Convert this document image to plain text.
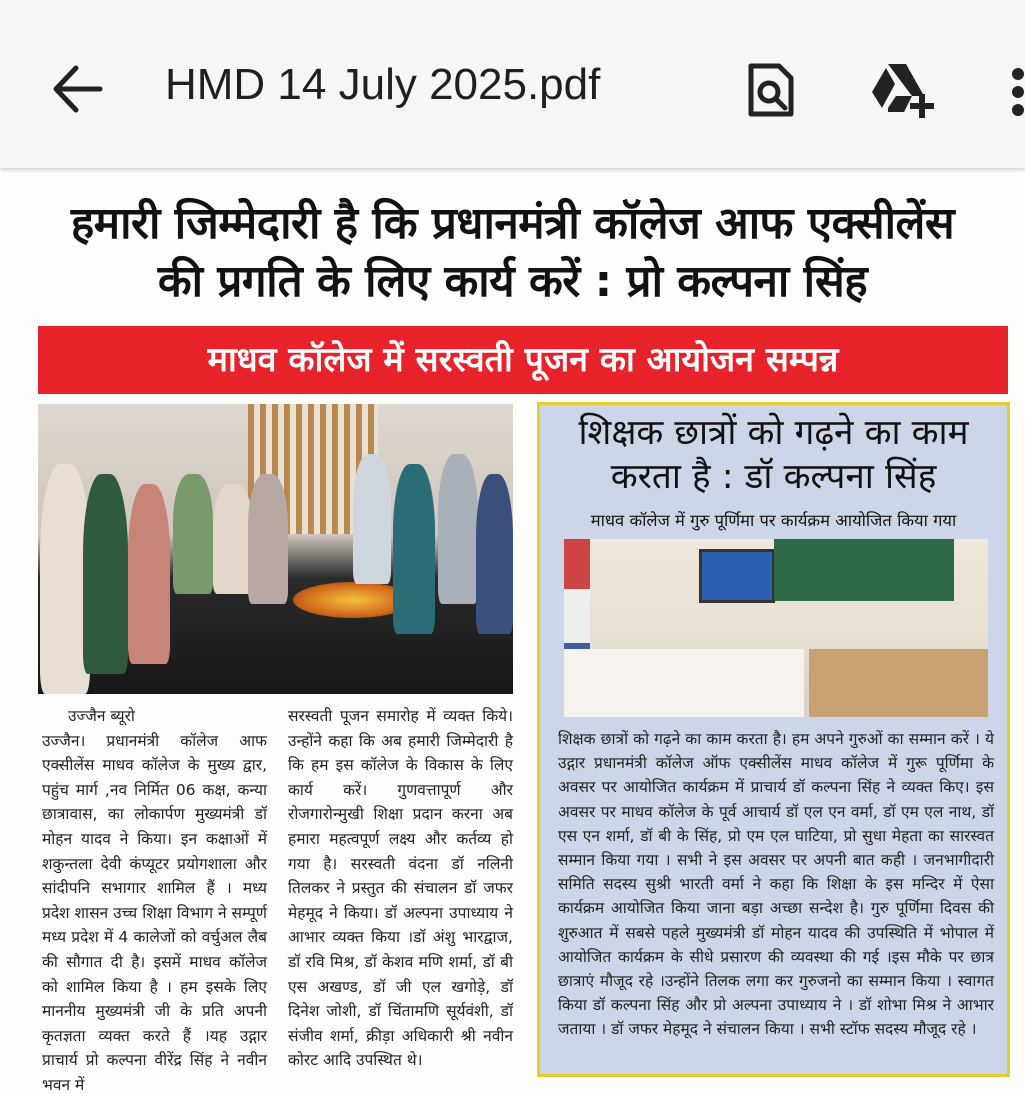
HMD 14 July 2025.pdf
हमारी जिम्मेदारी है कि प्रधानमंत्री कॉलेज आफ एक्सीलेंस
की प्रगति के लिए कार्य करें : प्रो कल्पना सिंह
माधव कॉलेज में सरस्वती पूजन का आयोजन सम्पन्न
उज्जैन ब्यूरो
उज्जैन। प्रधानमंत्री कॉलेज आफ एक्सीलेंस माधव कॉलेज के मुख्य द्वार, पहुंच मार्ग ,नव निर्मित 06 कक्ष, कन्या छात्रावास, का लोकार्पण मुख्यमंत्री डॉ मोहन यादव ने किया। इन कक्षाओं में शकुन्तला देवी कंप्यूटर प्रयोगशाला और सांदीपनि सभागार शामिल हैं । मध्य प्रदेश शासन उच्च शिक्षा विभाग ने सम्पूर्ण मध्य प्रदेश में 4 कालेजों को वर्चुअल लैब की सौगात दी है। इसमें माधव कॉलेज को शामिल किया है । हम इसके लिए माननीय मुख्यमंत्री जी के प्रति अपनी कृतज्ञता व्यक्त करते हैं ।यह उद्गार प्राचार्य प्रो कल्पना वीरेंद्र सिंह ने नवीन भवन में
सरस्वती पूजन समारोह में व्यक्त किये। उन्होंने कहा कि अब हमारी जिम्मेदारी है कि हम इस कॉलेज के विकास के लिए कार्य करें। गुणवत्तापूर्ण और रोजगारोन्मुखी शिक्षा प्रदान करना अब हमारा महत्वपूर्ण लक्ष्य और कर्तव्य हो गया है। सरस्वती वंदना डॉ नलिनी तिलकर ने प्रस्तुत की संचालन डॉ जफर मेहमूद ने किया। डॉ अल्पना उपाध्याय ने आभार व्यक्त किया ।डॉ अंशु भारद्वाज, डॉ रवि मिश्र, डॉ केशव मणि शर्मा, डॉ बी एस अखण्ड, डॉ जी एल खगोड़े, डॉ दिनेश जोशी, डॉ चिंतामणि सूर्यवंशी, डॉ संजीव शर्मा, क्रीड़ा अधिकारी श्री नवीन कोरट आदि उपस्थित थे।
शिक्षक छात्रों को गढ़ने का काम
करता है : डॉ कल्पना सिंह
माधव कॉलेज में गुरु पूर्णिमा पर कार्यक्रम आयोजित किया गया
शिक्षक छात्रों को गढ़ने का काम करता है। हम अपने गुरुओं का सम्मान करें । ये उद्गार प्रधानमंत्री कॉलेज ऑफ एक्सीलेंस माधव कॉलेज में गुरू पूर्णिमा के अवसर पर आयोजित कार्यक्रम में प्राचार्य डॉ कल्पना सिंह ने व्यक्त किए। इस अवसर पर माधव कॉलेज के पूर्व आचार्य डॉ एल एन वर्मा, डॉ एम एल नाथ, डॉ एस एन शर्मा, डॉ बी के सिंह, प्रो एम एल घाटिया, प्रो सुधा मेहता का सारस्वत सम्मान किया गया । सभी ने इस अवसर पर अपनी बात कही । जनभागीदारी समिति सदस्य सुश्री भारती वर्मा ने कहा कि शिक्षा के इस मन्दिर में ऐसा कार्यक्रम आयोजित किया जाना बड़ा अच्छा सन्देश है। गुरु पूर्णिमा दिवस की शुरुआत में सबसे पहले मुख्यमंत्री डॉ मोहन यादव की उपस्थिति में भोपाल में आयोजित कार्यक्रम के सीधे प्रसारण की व्यवस्था की गई ।इस मौके पर छात्र छात्राएं मौजूद रहे ।उन्होंने तिलक लगा कर गुरुजनो का सम्मान किया । स्वागत किया डॉ कल्पना सिंह और प्रो अल्पना उपाध्याय ने । डॉ शोभा मिश्र ने आभार जताया । डॉ जफर मेहमूद ने संचालन किया । सभी स्टॉफ सदस्य मौजूद रहे ।
